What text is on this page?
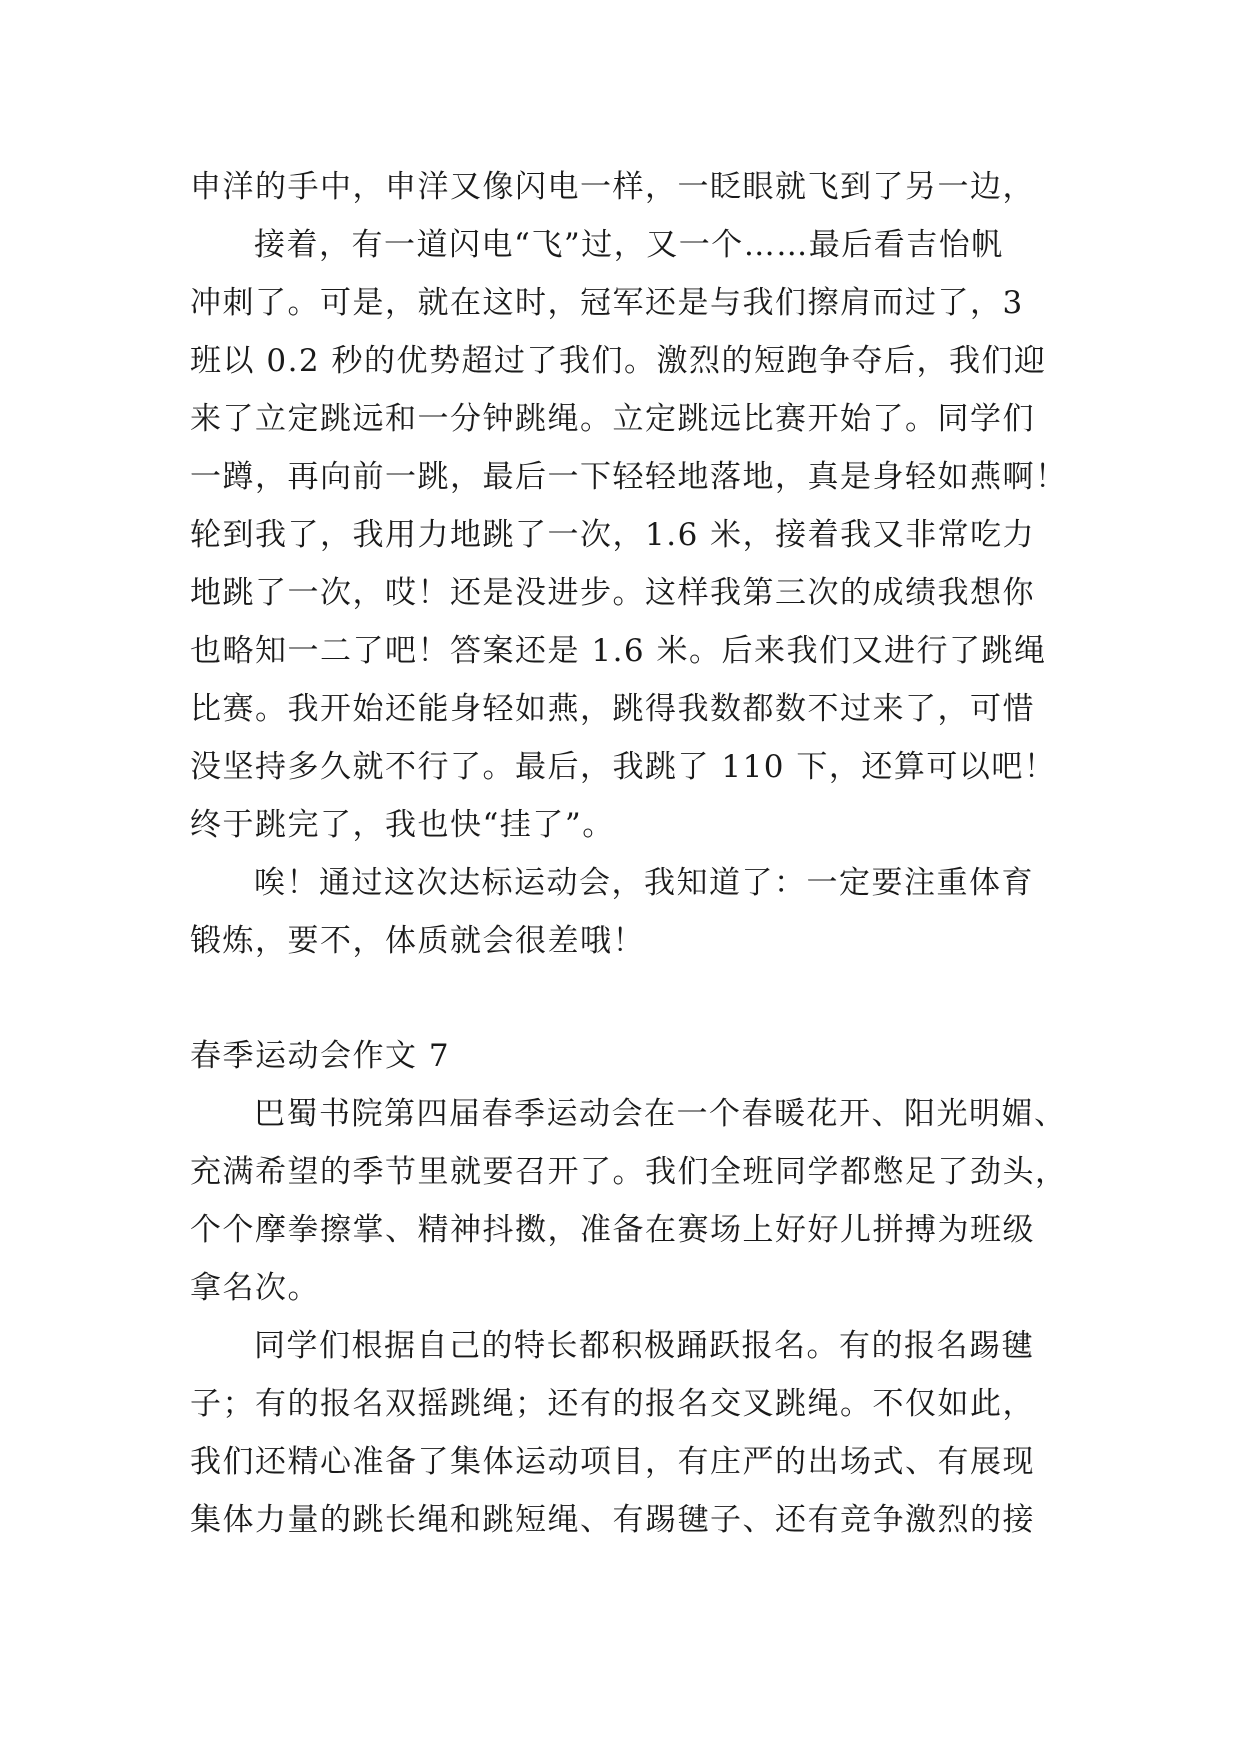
申洋的手中，申洋又像闪电一样，一眨眼就飞到了另一边，
接着，有一道闪电“飞”过，又一个……最后看吉怡帆
冲刺了。可是，就在这时，冠军还是与我们擦肩而过了，3
班以 0.2 秒的优势超过了我们。激烈的短跑争夺后，我们迎
来了立定跳远和一分钟跳绳。立定跳远比赛开始了。同学们
一蹲，再向前一跳，最后一下轻轻地落地，真是身轻如燕啊！
轮到我了，我用力地跳了一次，1.6 米，接着我又非常吃力
地跳了一次，哎！还是没进步。这样我第三次的成绩我想你
也略知一二了吧！答案还是 1.6 米。后来我们又进行了跳绳
比赛。我开始还能身轻如燕，跳得我数都数不过来了，可惜
没坚持多久就不行了。最后，我跳了 110 下，还算可以吧！
终于跳完了，我也快“挂了”。
唉！通过这次达标运动会，我知道了：一定要注重体育
锻炼，要不，体质就会很差哦！
春季运动会作文 7
巴蜀书院第四届春季运动会在一个春暖花开、阳光明媚、
充满希望的季节里就要召开了。我们全班同学都憋足了劲头，
个个摩拳擦掌、精神抖擞，准备在赛场上好好儿拼搏为班级
拿名次。
同学们根据自己的特长都积极踊跃报名。有的报名踢毽
子；有的报名双摇跳绳；还有的报名交叉跳绳。不仅如此，
我们还精心准备了集体运动项目，有庄严的出场式、有展现
集体力量的跳长绳和跳短绳、有踢毽子、还有竞争激烈的接
